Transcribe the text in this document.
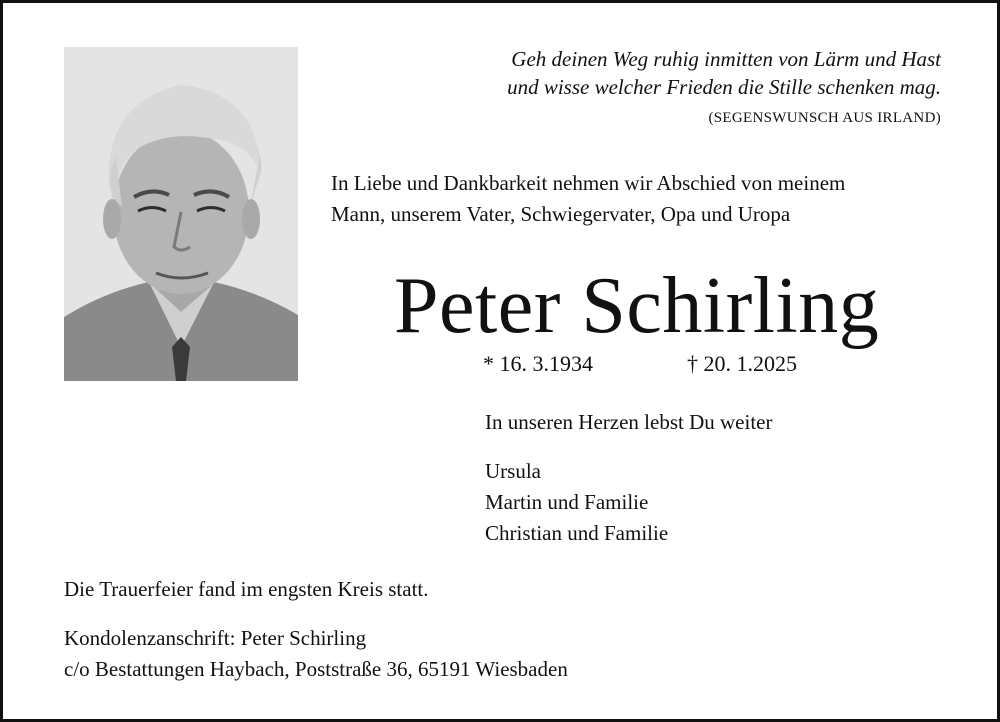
Geh deinen Weg ruhig inmitten von Lärm und Hast
und wisse welcher Frieden die Stille schenken mag.
(SEGENSWUNSCH AUS IRLAND)
In Liebe und Dankbarkeit nehmen wir Abschied von meinem
Mann, unserem Vater, Schwiegervater, Opa und Uropa
Peter Schirling
* 16. 3.1934	† 20. 1.2025
In unseren Herzen lebst Du weiter
Ursula
Martin und Familie
Christian und Familie
Die Trauerfeier fand im engsten Kreis statt.
Kondolenzanschrift: Peter Schirling
c/o Bestattungen Haybach, Poststraße 36, 65191 Wiesbaden
